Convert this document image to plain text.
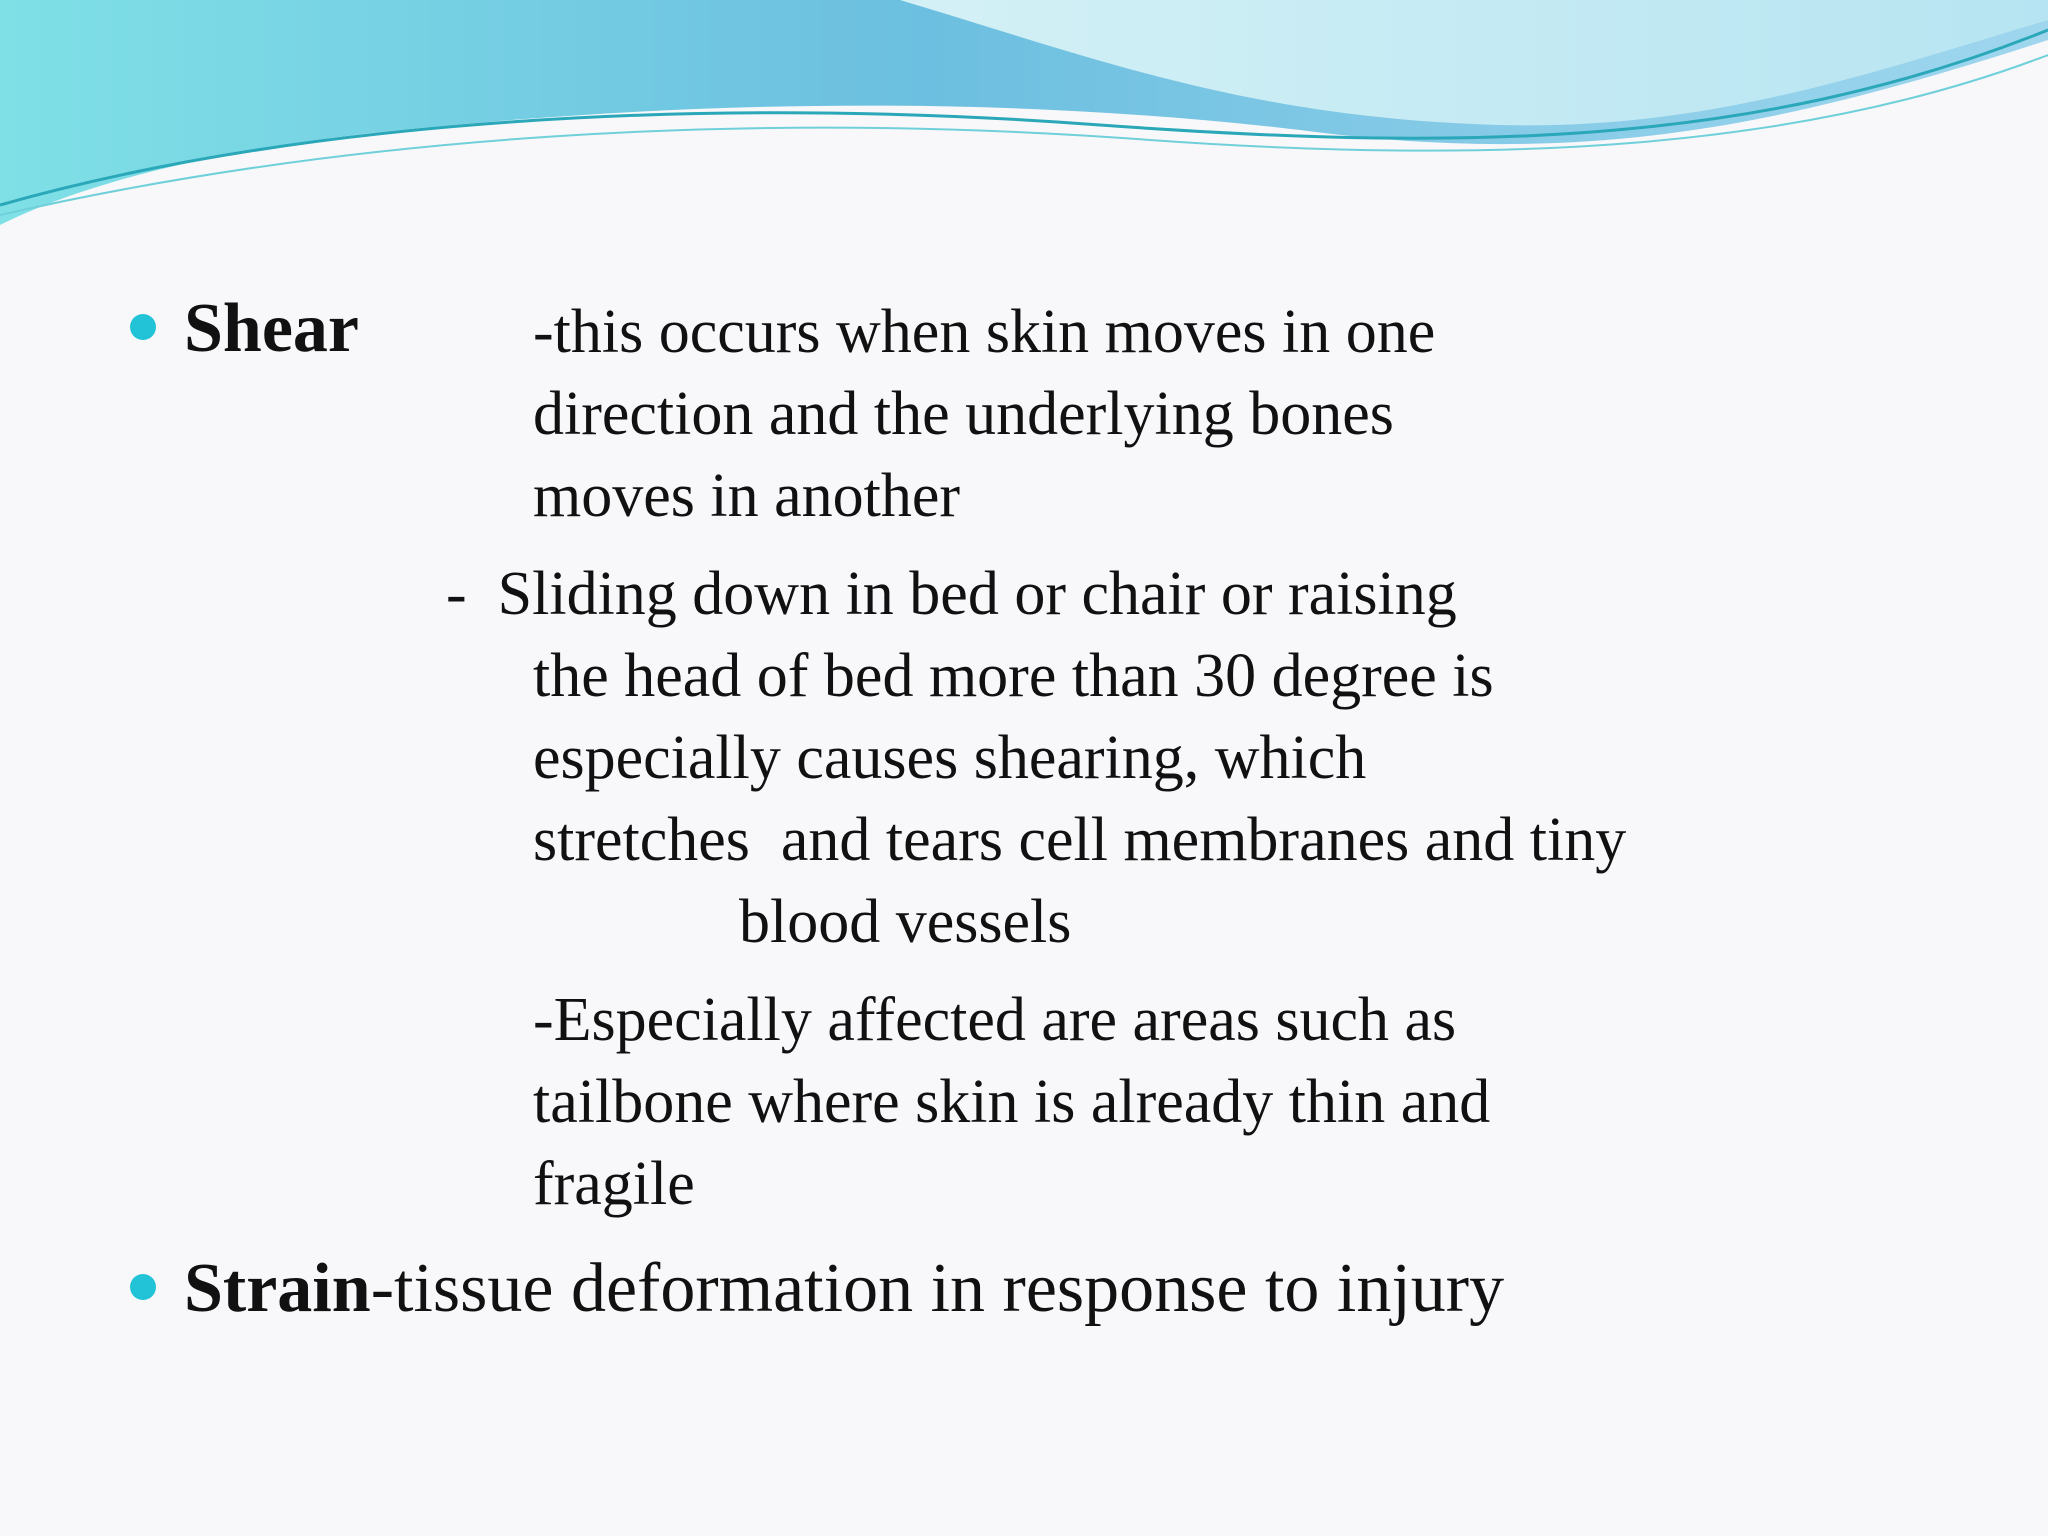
Shear	-this occurs when skin moves in one
direction and the underlying bones
moves in another
-  Sliding down in bed or chair or raising
the head of bed more than 30 degree is
especially causes shearing, which
stretches  and tears cell membranes and tiny
blood vessels
-Especially affected are areas such as
tailbone where skin is already thin and
fragile
Strain-tissue deformation in response to injury
